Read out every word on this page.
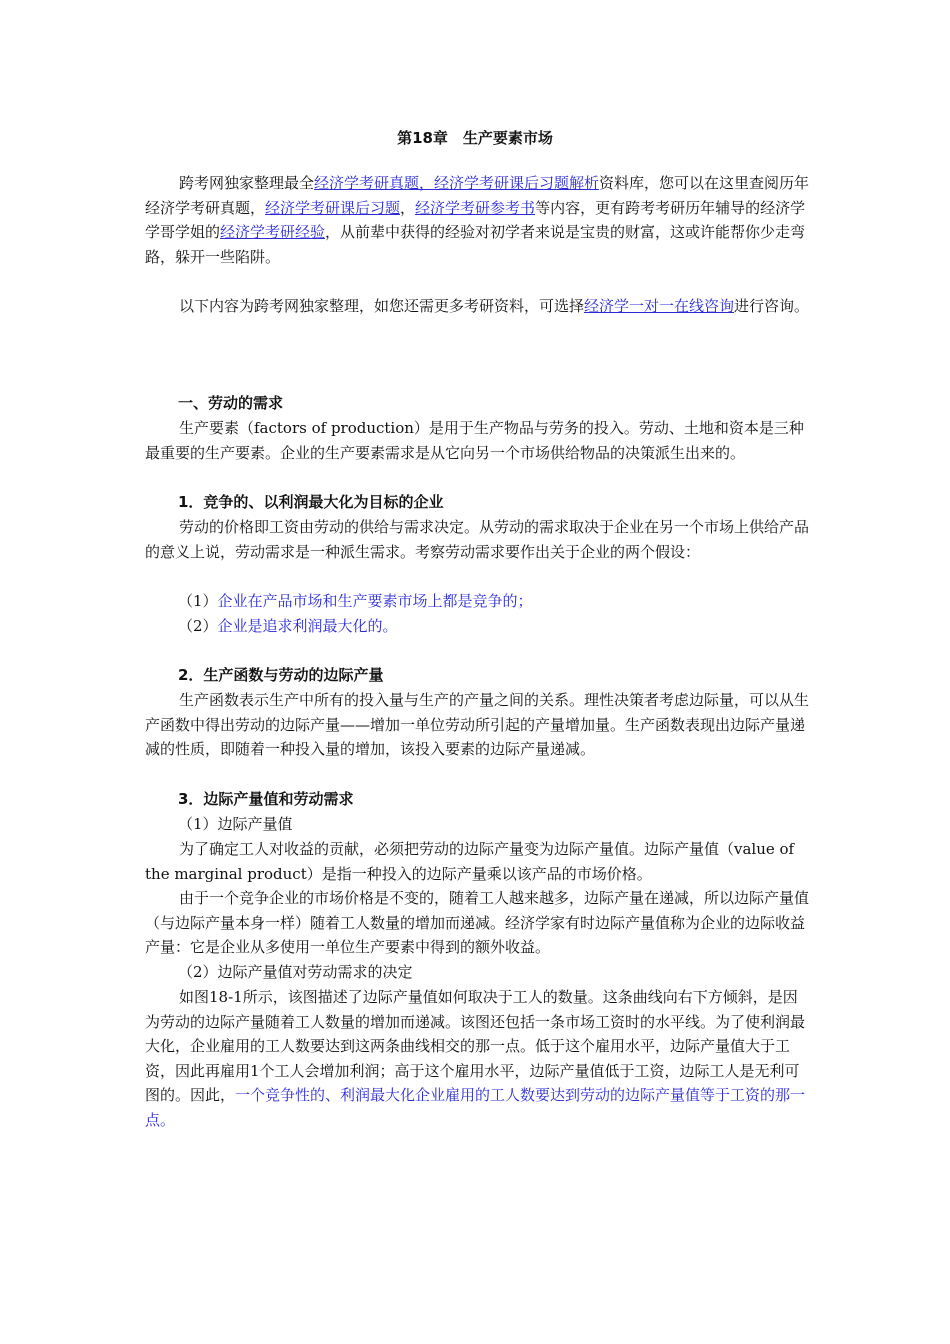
第18章　生产要素市场
跨考网独家整理最全经济学考研真题，经济学考研课后习题解析资料库，您可以在这里查阅历年经济学考研真题，经济学考研课后习题，经济学考研参考书等内容，更有跨考考研历年辅导的经济学学哥学姐的经济学考研经验，从前辈中获得的经验对初学者来说是宝贵的财富，这或许能帮你少走弯路，躲开一些陷阱。
以下内容为跨考网独家整理，如您还需更多考研资料，可选择经济学一对一在线咨询进行咨询。
一、劳动的需求
生产要素（factors of production）是用于生产物品与劳务的投入。劳动、土地和资本是三种最重要的生产要素。企业的生产要素需求是从它向另一个市场供给物品的决策派生出来的。
1．竞争的、以利润最大化为目标的企业
劳动的价格即工资由劳动的供给与需求决定。从劳动的需求取决于企业在另一个市场上供给产品的意义上说，劳动需求是一种派生需求。考察劳动需求要作出关于企业的两个假设：
（1）企业在产品市场和生产要素市场上都是竞争的；
（2）企业是追求利润最大化的。
2．生产函数与劳动的边际产量
生产函数表示生产中所有的投入量与生产的产量之间的关系。理性决策者考虑边际量，可以从生产函数中得出劳动的边际产量——增加一单位劳动所引起的产量增加量。生产函数表现出边际产量递减的性质，即随着一种投入量的增加，该投入要素的边际产量递减。
3．边际产量值和劳动需求
（1）边际产量值
为了确定工人对收益的贡献，必须把劳动的边际产量变为边际产量值。边际产量值（value of the marginal product）是指一种投入的边际产量乘以该产品的市场价格。
由于一个竞争企业的市场价格是不变的，随着工人越来越多，边际产量在递减，所以边际产量值（与边际产量本身一样）随着工人数量的增加而递减。经济学家有时边际产量值称为企业的边际收益产量：它是企业从多使用一单位生产要素中得到的额外收益。
（2）边际产量值对劳动需求的决定
如图18-1所示，该图描述了边际产量值如何取决于工人的数量。这条曲线向右下方倾斜，是因为劳动的边际产量随着工人数量的增加而递减。该图还包括一条市场工资时的水平线。为了使利润最大化，企业雇用的工人数要达到这两条曲线相交的那一点。低于这个雇用水平，边际产量值大于工资，因此再雇用1个工人会增加利润；高于这个雇用水平，边际产量值低于工资，边际工人是无利可图的。因此，一个竞争性的、利润最大化企业雇用的工人数要达到劳动的边际产量值等于工资的那一点。
